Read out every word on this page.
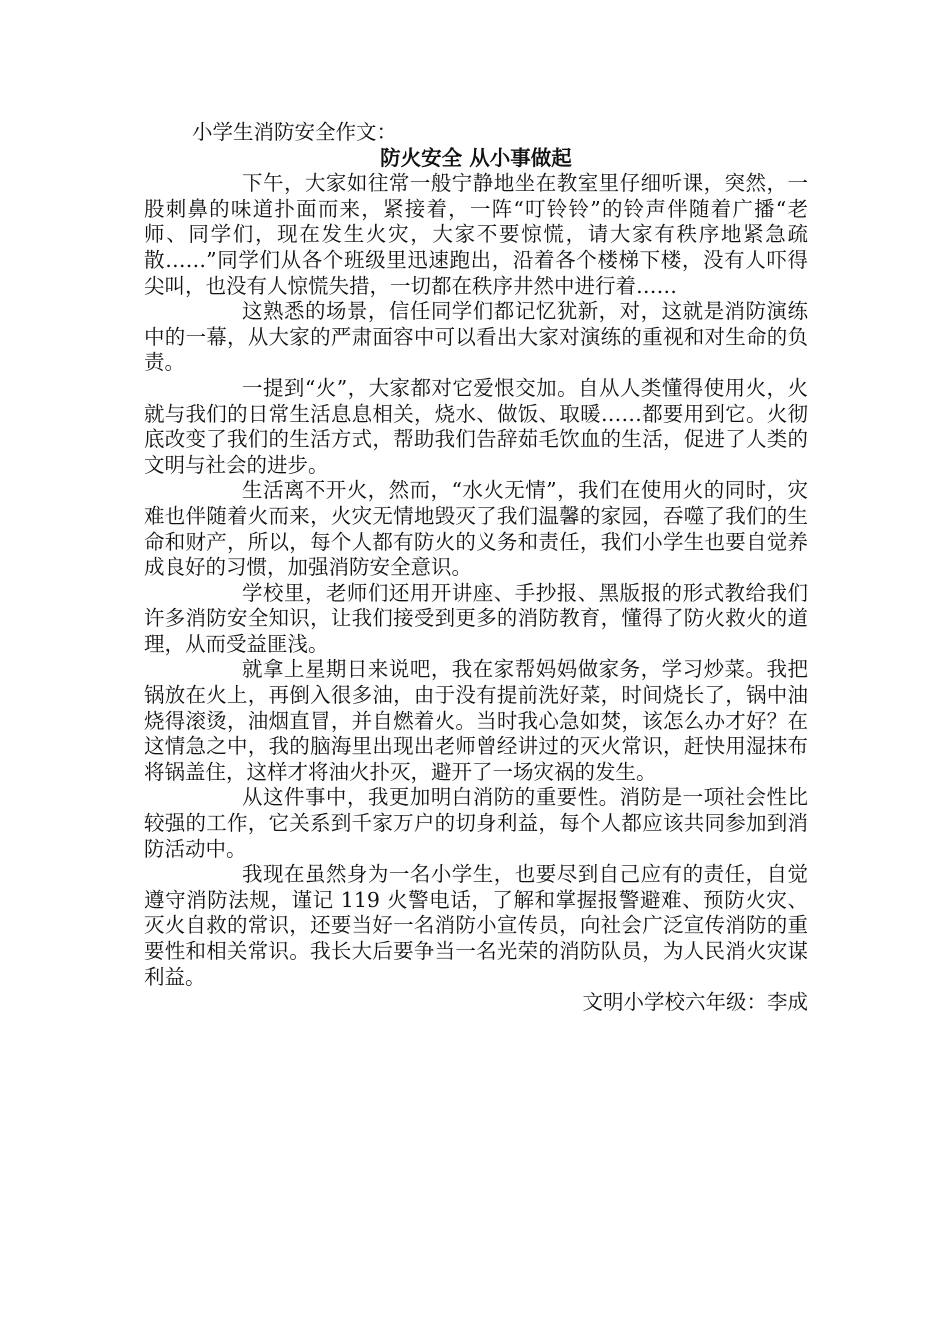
小学生消防安全作文：

防火安全 从小事做起

下午，大家如往常一般宁静地坐在教室里仔细听课，突然，一股刺鼻的味道扑面而来，紧接着，一阵“叮铃铃”的铃声伴随着广播“老师、同学们，现在发生火灾，大家不要惊慌，请大家有秩序地紧急疏散……”同学们从各个班级里迅速跑出，沿着各个楼梯下楼，没有人吓得尖叫，也没有人惊慌失措，一切都在秩序井然中进行着……

这熟悉的场景，信任同学们都记忆犹新，对，这就是消防演练中的一幕，从大家的严肃面容中可以看出大家对演练的重视和对生命的负责。

一提到“火”，大家都对它爱恨交加。自从人类懂得使用火，火就与我们的日常生活息息相关，烧水、做饭、取暖……都要用到它。火彻底改变了我们的生活方式，帮助我们告辞茹毛饮血的生活，促进了人类的文明与社会的进步。

生活离不开火，然而，“水火无情”，我们在使用火的同时，灾难也伴随着火而来，火灾无情地毁灭了我们温馨的家园，吞噬了我们的生命和财产，所以，每个人都有防火的义务和责任，我们小学生也要自觉养成良好的习惯，加强消防安全意识。

学校里，老师们还用开讲座、手抄报、黑版报的形式教给我们许多消防安全知识，让我们接受到更多的消防教育，懂得了防火救火的道理，从而受益匪浅。

就拿上星期日来说吧，我在家帮妈妈做家务，学习炒菜。我把锅放在火上，再倒入很多油，由于没有提前洗好菜，时间烧长了，锅中油烧得滚烫，油烟直冒，并自燃着火。当时我心急如焚，该怎么办才好？在这情急之中，我的脑海里出现出老师曾经讲过的灭火常识，赶快用湿抹布将锅盖住，这样才将油火扑灭，避开了一场灾祸的发生。

从这件事中，我更加明白消防的重要性。消防是一项社会性比较强的工作，它关系到千家万户的切身利益，每个人都应该共同参加到消防活动中。

我现在虽然身为一名小学生，也要尽到自己应有的责任，自觉遵守消防法规，谨记 119 火警电话，了解和掌握报警避难、预防火灾、灭火自救的常识，还要当好一名消防小宣传员，向社会广泛宣传消防的重要性和相关常识。我长大后要争当一名光荣的消防队员，为人民消火灾谋利益。

文明小学校六年级：李成
